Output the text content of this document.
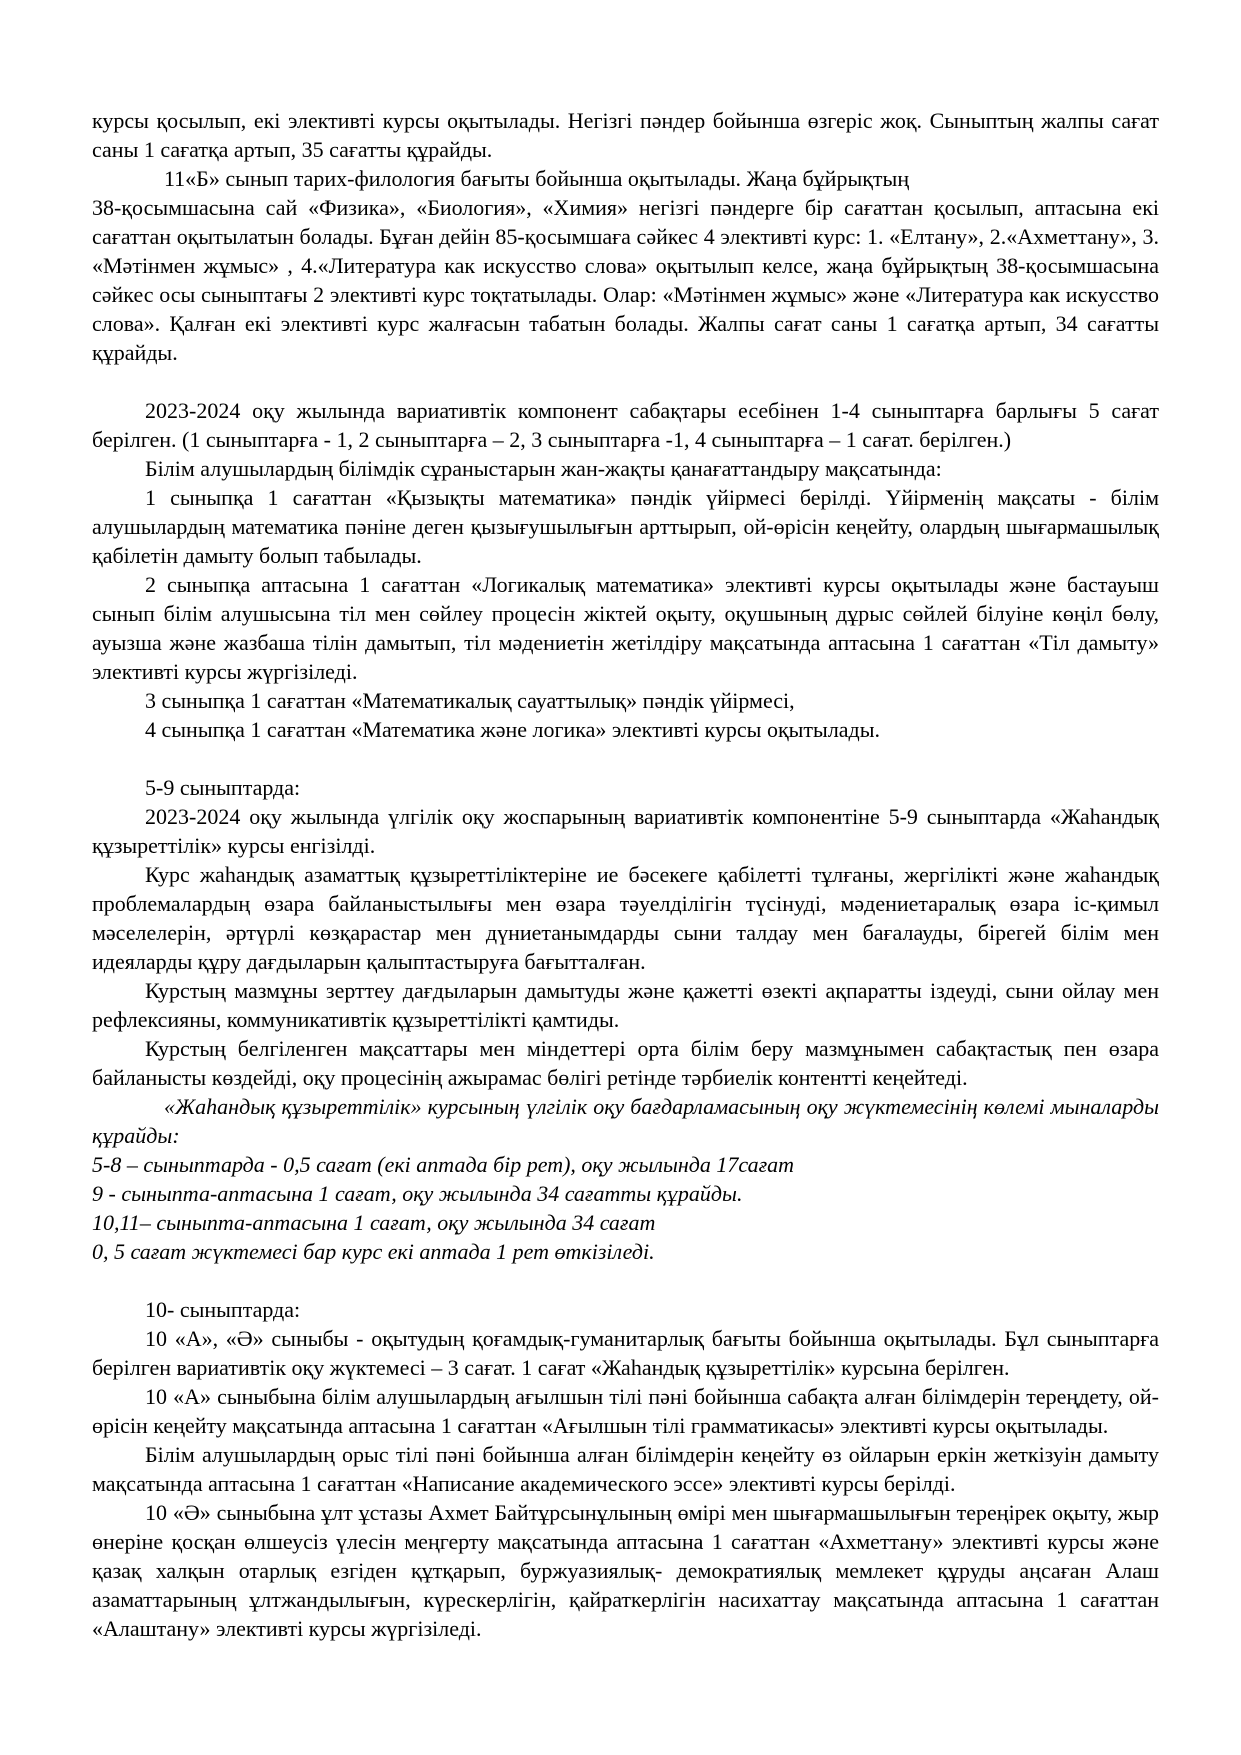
курсы қосылып, екі элективті курсы оқытылады. Негізгі пәндер бойынша өзгеріс жоқ. Сыныптың жалпы сағат саны 1 сағатқа артып, 35 сағатты құрайды.

11«Б» сынып тарих-филология бағыты бойынша оқытылады. Жаңа бұйрықтың

38-қосымшасына сай «Физика», «Биология», «Химия» негізгі пәндерге бір сағаттан қосылып, аптасына екі сағаттан оқытылатын болады. Бұған дейін 85-қосымшаға сәйкес 4 элективті курс: 1. «Елтану», 2.«Ахметтану», 3. «Мәтінмен жұмыс» , 4.«Литература как искусство слова» оқытылып келсе, жаңа бұйрықтың 38-қосымшасына сәйкес осы сыныптағы 2 элективті курс тоқтатылады. Олар: «Мәтінмен жұмыс» және «Литература как искусство слова». Қалған екі элективті курс жалғасын табатын болады. Жалпы сағат саны 1 сағатқа артып, 34 сағатты құрайды.

2023-2024 оқу жылында вариативтік компонент сабақтары есебінен 1-4 сыныптарға барлығы 5 сағат берілген. (1 сыныптарға - 1, 2 сыныптарға – 2, 3 сыныптарға -1, 4 сыныптарға – 1 сағат. берілген.)

Білім алушылардың білімдік сұраныстарын жан-жақты қанағаттандыру мақсатында:

1 сыныпқа 1 сағаттан «Қызықты математика» пәндік үйірмесі берілді. Үйірменің мақсаты - білім алушылардың математика пәніне деген қызығушылығын арттырып, ой-өрісін кеңейту, олардың шығармашылық қабілетін дамыту болып табылады.

2 сыныпқа аптасына 1 сағаттан «Логикалық математика» элективті курсы оқытылады және бастауыш сынып білім алушысына тіл мен сөйлеу процесін жіктей оқыту, оқушының дұрыс сөйлей білуіне көңіл бөлу, ауызша және жазбаша тілін дамытып, тіл мәдениетін жетілдіру мақсатында аптасына 1 сағаттан «Тіл дамыту» элективті курсы жүргізіледі.

3 сыныпқа 1 сағаттан «Математикалық сауаттылық» пәндік үйірмесі,

4 сыныпқа 1 сағаттан «Математика және логика» элективті курсы оқытылады.

5-9 сыныптарда:

2023-2024 оқу жылында үлгілік оқу жоспарының вариативтік компонентіне 5-9 сыныптарда «Жаһандық құзыреттілік» курсы енгізілді.

Курс жаһандық азаматтық құзыреттіліктеріне ие бәсекеге қабілетті тұлғаны, жергілікті және жаһандық проблемалардың өзара байланыстылығы мен өзара тәуелділігін түсінуді, мәдениетаралық өзара іс-қимыл мәселелерін, әртүрлі көзқарастар мен дүниетанымдарды сыни талдау мен бағалауды, бірегей білім мен идеяларды құру дағдыларын қалыптастыруға бағытталған.

Курстың мазмұны зерттеу дағдыларын дамытуды және қажетті өзекті ақпаратты іздеуді, сыни ойлау мен рефлексияны, коммуникативтік құзыреттілікті қамтиды.

Курстың белгіленген мақсаттары мен міндеттері орта білім беру мазмұнымен сабақтастық пен өзара байланысты көздейді, оқу процесінің ажырамас бөлігі ретінде тәрбиелік контентті кеңейтеді.

«Жаһандық құзыреттілік» курсының үлгілік оқу бағдарламасының оқу жүктемесінің көлемі мыналарды құрайды:

5-8 – сыныптарда - 0,5 сағат (екі аптада бір рет), оқу жылында 17сағат

9 - сыныпта-аптасына 1 сағат, оқу жылында 34 сағатты құрайды.

10,11– сыныпта-аптасына 1 сағат, оқу жылында 34 сағат

0, 5 сағат жүктемесі бар курс екі аптада 1 рет өткізіледі.

10- сыныптарда:

10 «А», «Ә» сыныбы - оқытудың қоғамдық-гуманитарлық бағыты бойынша оқытылады. Бұл сыныптарға берілген вариативтік оқу жүктемесі – 3 сағат. 1 сағат «Жаһандық құзыреттілік» курсына берілген.

10 «А» сыныбына білім алушылардың ағылшын тілі пәні бойынша сабақта алған білімдерін тереңдету, ой-өрісін кеңейту мақсатында аптасына 1 сағаттан «Ағылшын тілі грамматикасы» элективті курсы оқытылады.

Білім алушылардың орыс тілі пәні бойынша алған білімдерін кеңейту өз ойларын еркін жеткізуін дамыту мақсатында аптасына 1 сағаттан «Написание академического эссе» элективті курсы берілді.

10 «Ә» сыныбына ұлт ұстазы Ахмет Байтұрсынұлының өмірі мен шығармашылығын тереңірек оқыту, жыр өнеріне қосқан өлшеусіз үлесін меңгерту мақсатында аптасына 1 сағаттан «Ахметтану» элективті курсы және қазақ халқын отарлық езгіден құтқарып, буржуазиялық- демократиялық мемлекет құруды аңсаған Алаш азаматтарының ұлтжандылығын, күрескерлігін, қайраткерлігін насихаттау мақсатында аптасына 1 сағаттан «Алаштану» элективті курсы жүргізіледі.
